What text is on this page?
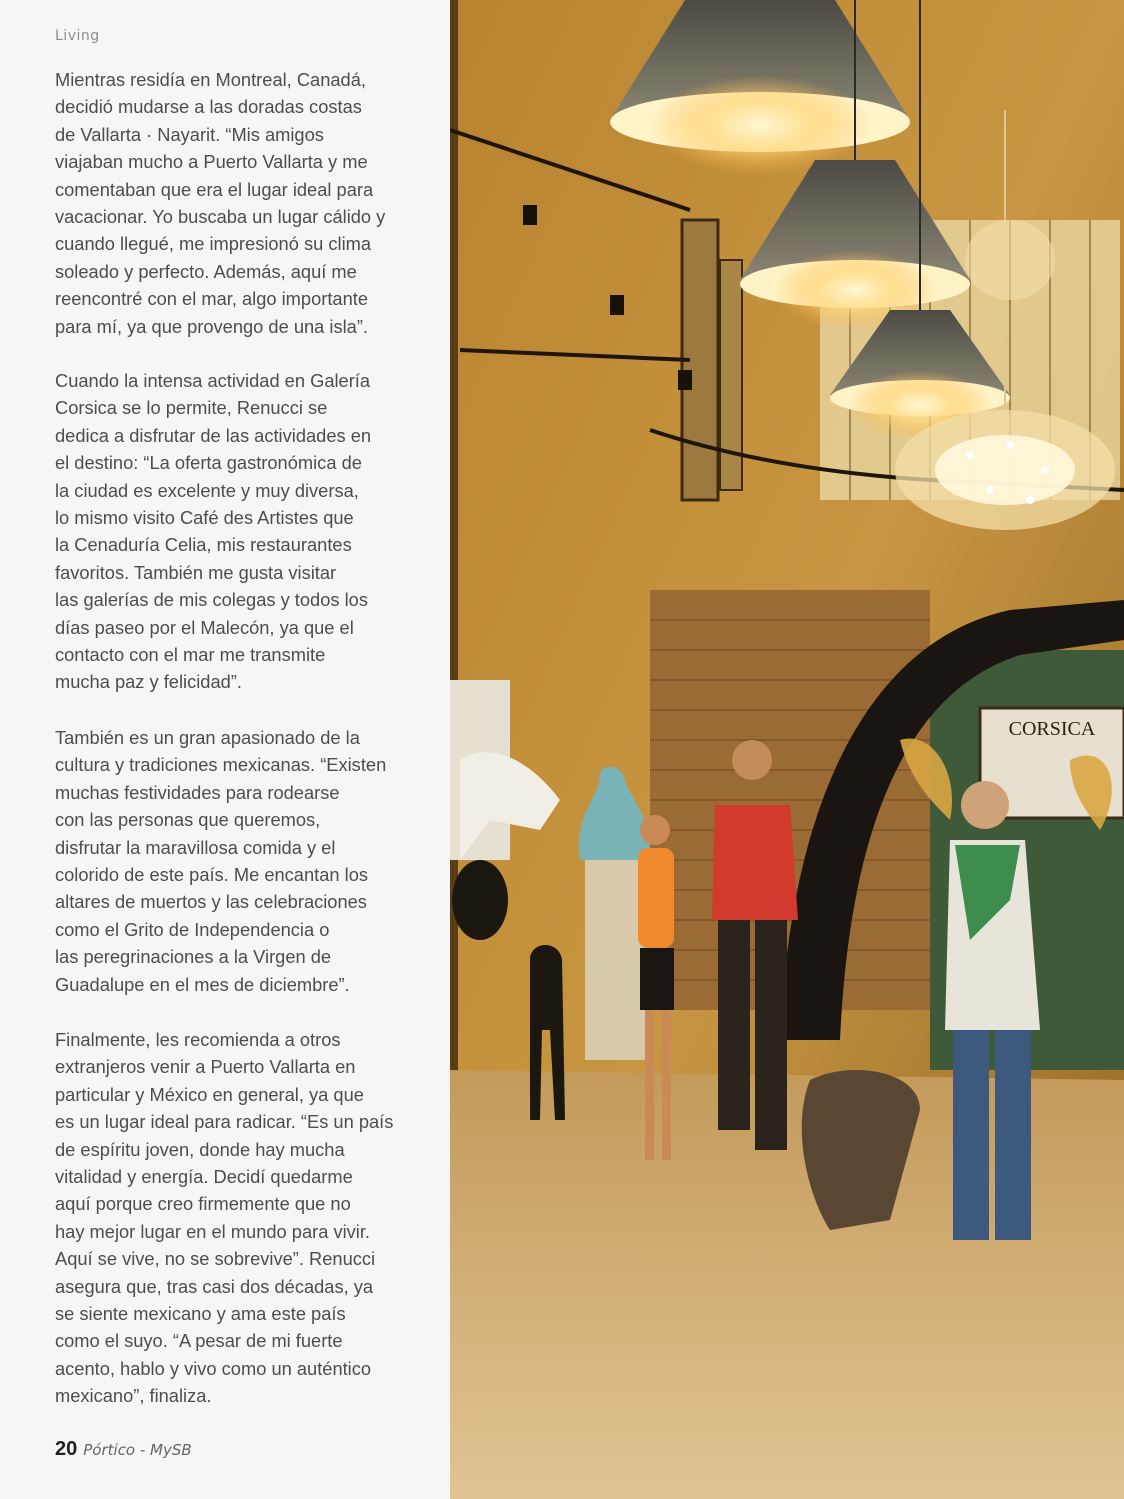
Living

Mientras residía en Montreal, Canadá,
decidió mudarse a las doradas costas
de Vallarta · Nayarit. “Mis amigos
viajaban mucho a Puerto Vallarta y me
comentaban que era el lugar ideal para
vacacionar. Yo buscaba un lugar cálido y
cuando llegué, me impresionó su clima
soleado y perfecto. Además, aquí me
reencontré con el mar, algo importante
para mí, ya que provengo de una isla”.

Cuando la intensa actividad en Galería
Corsica se lo permite, Renucci se
dedica a disfrutar de las actividades en
el destino: “La oferta gastronómica de
la ciudad es excelente y muy diversa,
lo mismo visito Café des Artistes que
la Cenaduría Celia, mis restaurantes
favoritos. También me gusta visitar
las galerías de mis colegas y todos los
días paseo por el Malecón, ya que el
contacto con el mar me transmite
mucha paz y felicidad”.

También es un gran apasionado de la
cultura y tradiciones mexicanas. “Existen
muchas festividades para rodearse
con las personas que queremos,
disfrutar la maravillosa comida y el
colorido de este país. Me encantan los
altares de muertos y las celebraciones
como el Grito de Independencia o
las peregrinaciones a la Virgen de
Guadalupe en el mes de diciembre”.

Finalmente, les recomienda a otros
extranjeros venir a Puerto Vallarta en
particular y México en general, ya que
es un lugar ideal para radicar. “Es un país
de espíritu joven, donde hay mucha
vitalidad y energía. Decidí quedarme
aquí porque creo firmemente que no
hay mejor lugar en el mundo para vivir.
Aquí se vive, no se sobrevive”. Renucci
asegura que, tras casi dos décadas, ya
se siente mexicano y ama este país
como el suyo. “A pesar de mi fuerte
acento, hablo y vivo como un auténtico
mexicano”, finaliza.

20 Pórtico - MySB
CORSICA
